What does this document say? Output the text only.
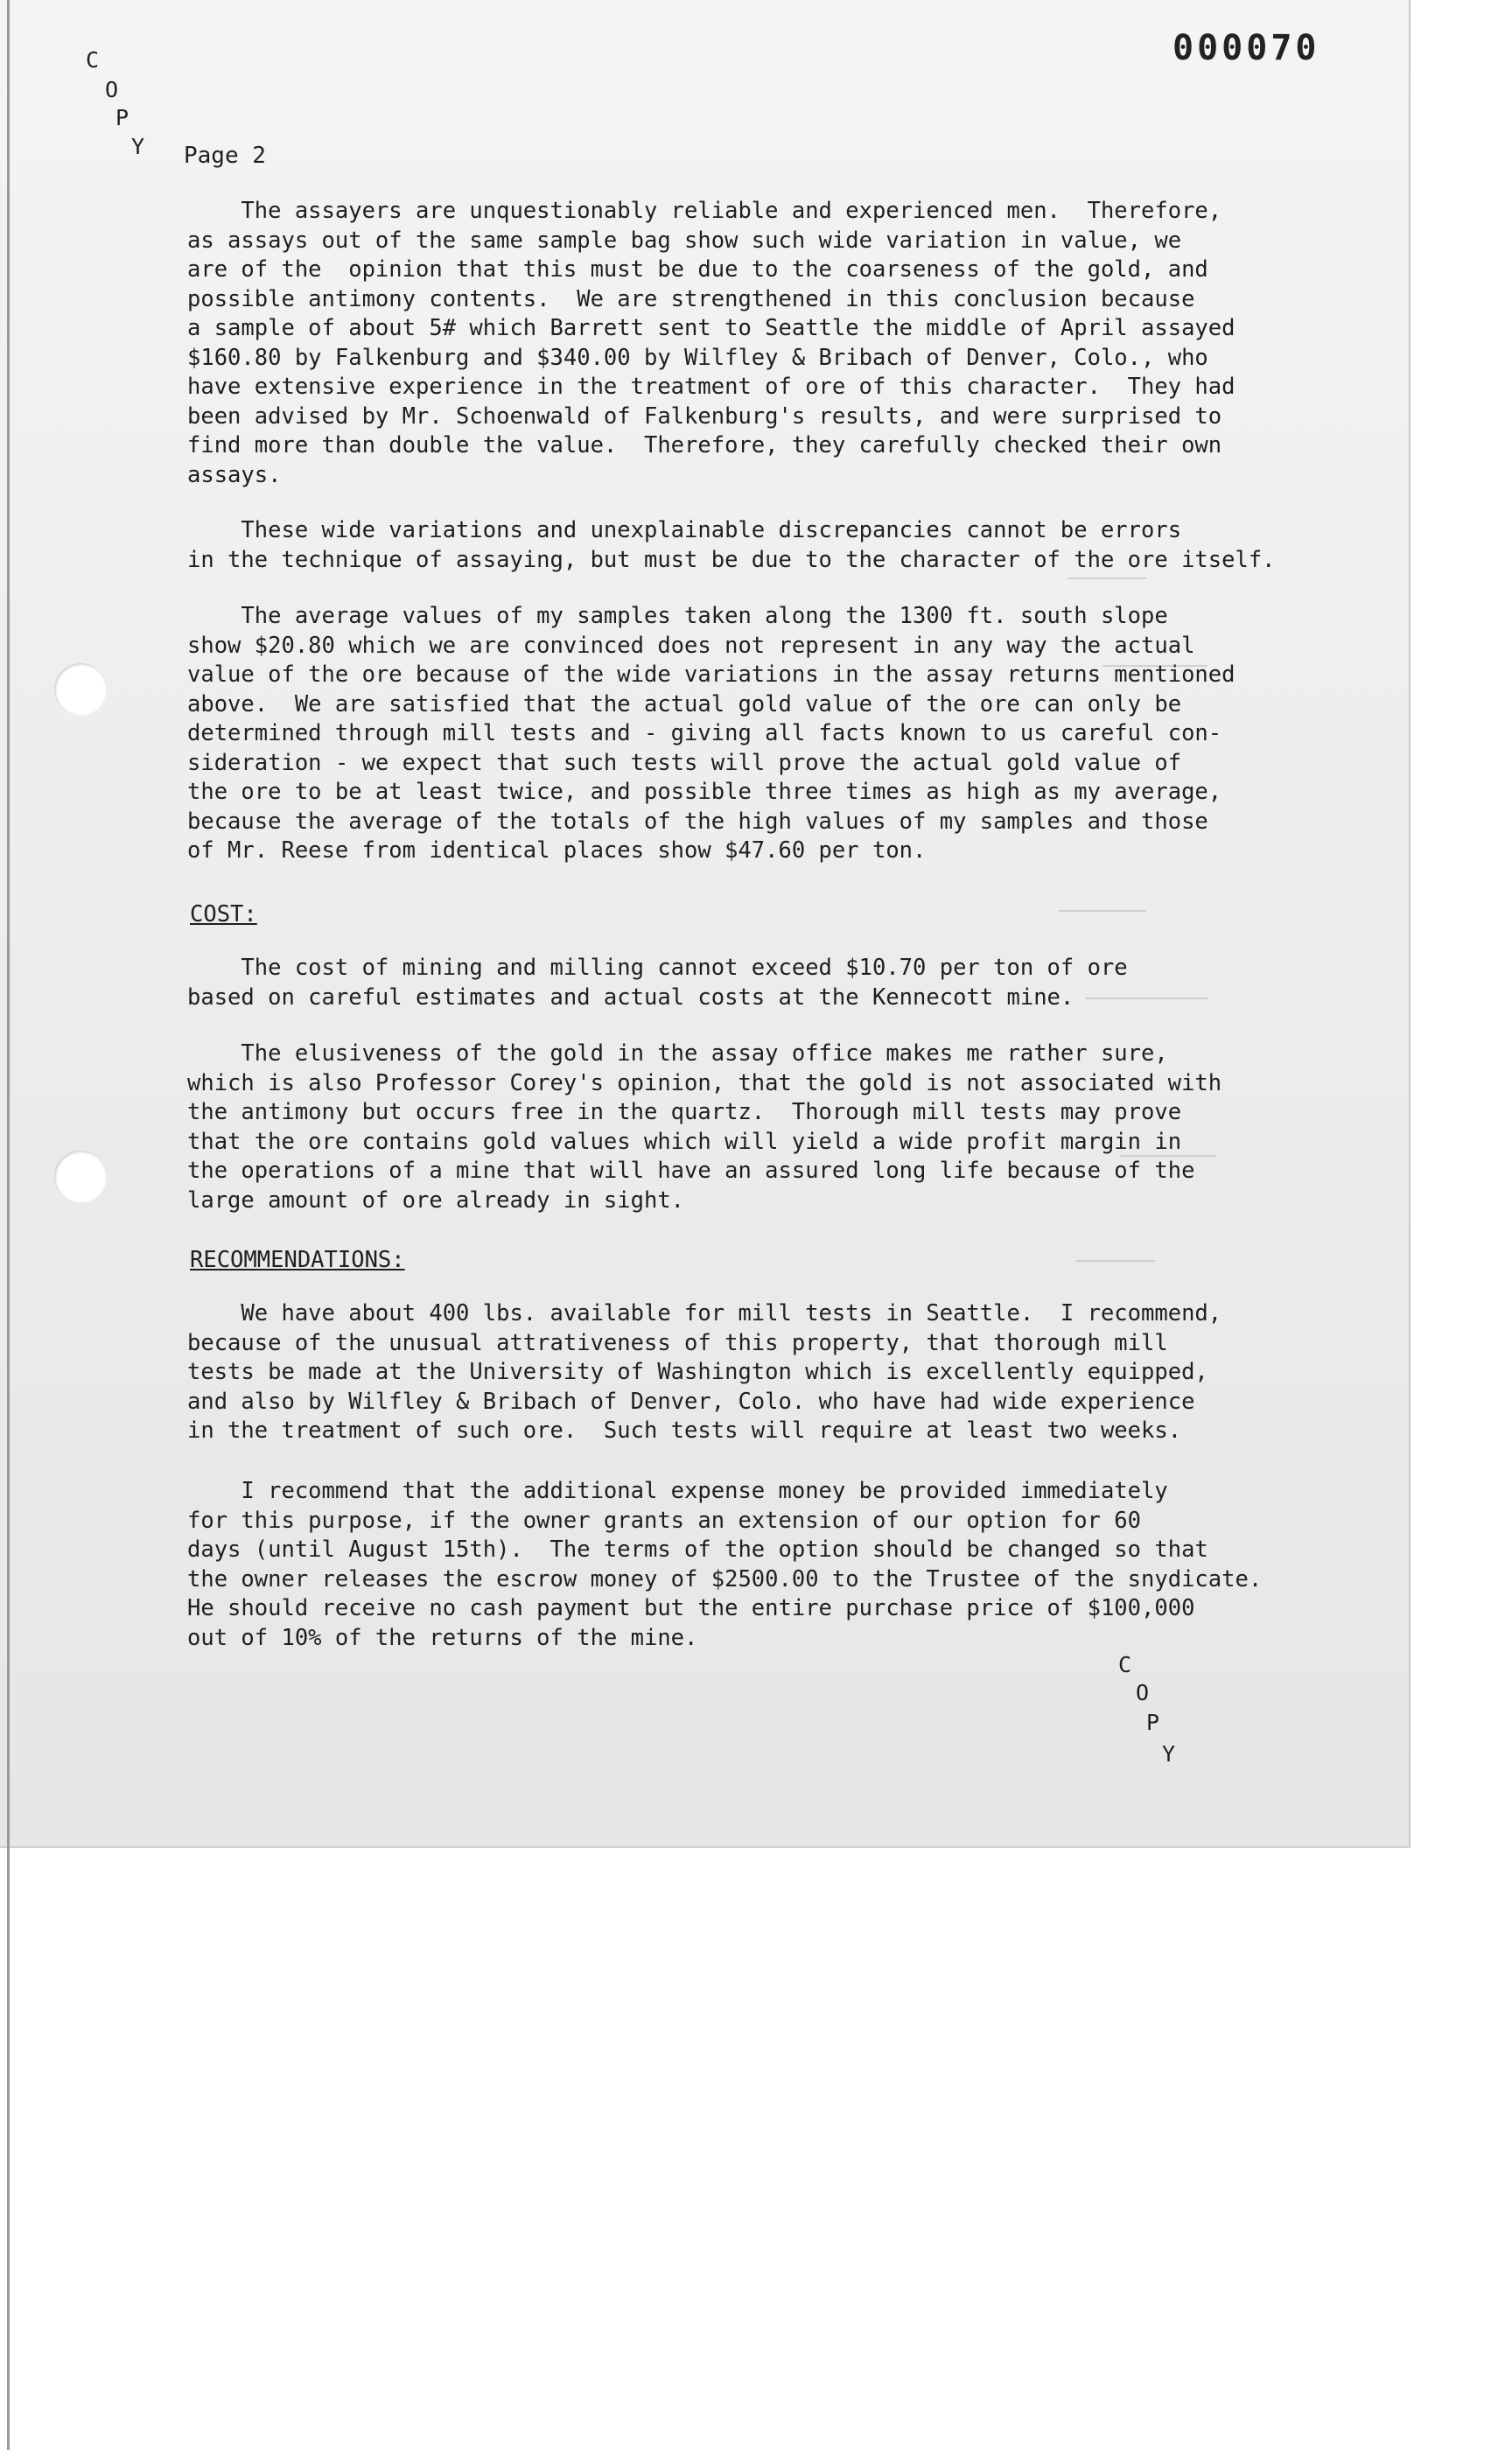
000070
C
O
P
Y Page 2
The assayers are unquestionably reliable and experienced men.  Therefore,
as assays out of the same sample bag show such wide variation in value, we
are of the  opinion that this must be due to the coarseness of the gold, and
possible antimony contents.  We are strengthened in this conclusion because
a sample of about 5# which Barrett sent to Seattle the middle of April assayed
$160.80 by Falkenburg and $340.00 by Wilfley & Bribach of Denver, Colo., who
have extensive experience in the treatment of ore of this character.  They had
been advised by Mr. Schoenwald of Falkenburg's results, and were surprised to
find more than double the value.  Therefore, they carefully checked their own
assays.
These wide variations and unexplainable discrepancies cannot be errors
in the technique of assaying, but must be due to the character of the ore itself.
The average values of my samples taken along the 1300 ft. south slope
show $20.80 which we are convinced does not represent in any way the actual
value of the ore because of the wide variations in the assay returns mentioned
above.  We are satisfied that the actual gold value of the ore can only be
determined through mill tests and - giving all facts known to us careful con-
sideration - we expect that such tests will prove the actual gold value of
the ore to be at least twice, and possible three times as high as my average,
because the average of the totals of the high values of my samples and those
of Mr. Reese from identical places show $47.60 per ton.
COST:
The cost of mining and milling cannot exceed $10.70 per ton of ore
based on careful estimates and actual costs at the Kennecott mine.
The elusiveness of the gold in the assay office makes me rather sure,
which is also Professor Corey's opinion, that the gold is not associated with
the antimony but occurs free in the quartz.  Thorough mill tests may prove
that the ore contains gold values which will yield a wide profit margin in
the operations of a mine that will have an assured long life because of the
large amount of ore already in sight.
RECOMMENDATIONS:
We have about 400 lbs. available for mill tests in Seattle.  I recommend,
because of the unusual attrativeness of this property, that thorough mill
tests be made at the University of Washington which is excellently equipped,
and also by Wilfley & Bribach of Denver, Colo. who have had wide experience
in the treatment of such ore.  Such tests will require at least two weeks.
I recommend that the additional expense money be provided immediately
for this purpose, if the owner grants an extension of our option for 60
days (until August 15th).  The terms of the option should be changed so that
the owner releases the escrow money of $2500.00 to the Trustee of the snydicate.
He should receive no cash payment but the entire purchase price of $100,000
out of 10% of the returns of the mine.
C
O
P
Y
